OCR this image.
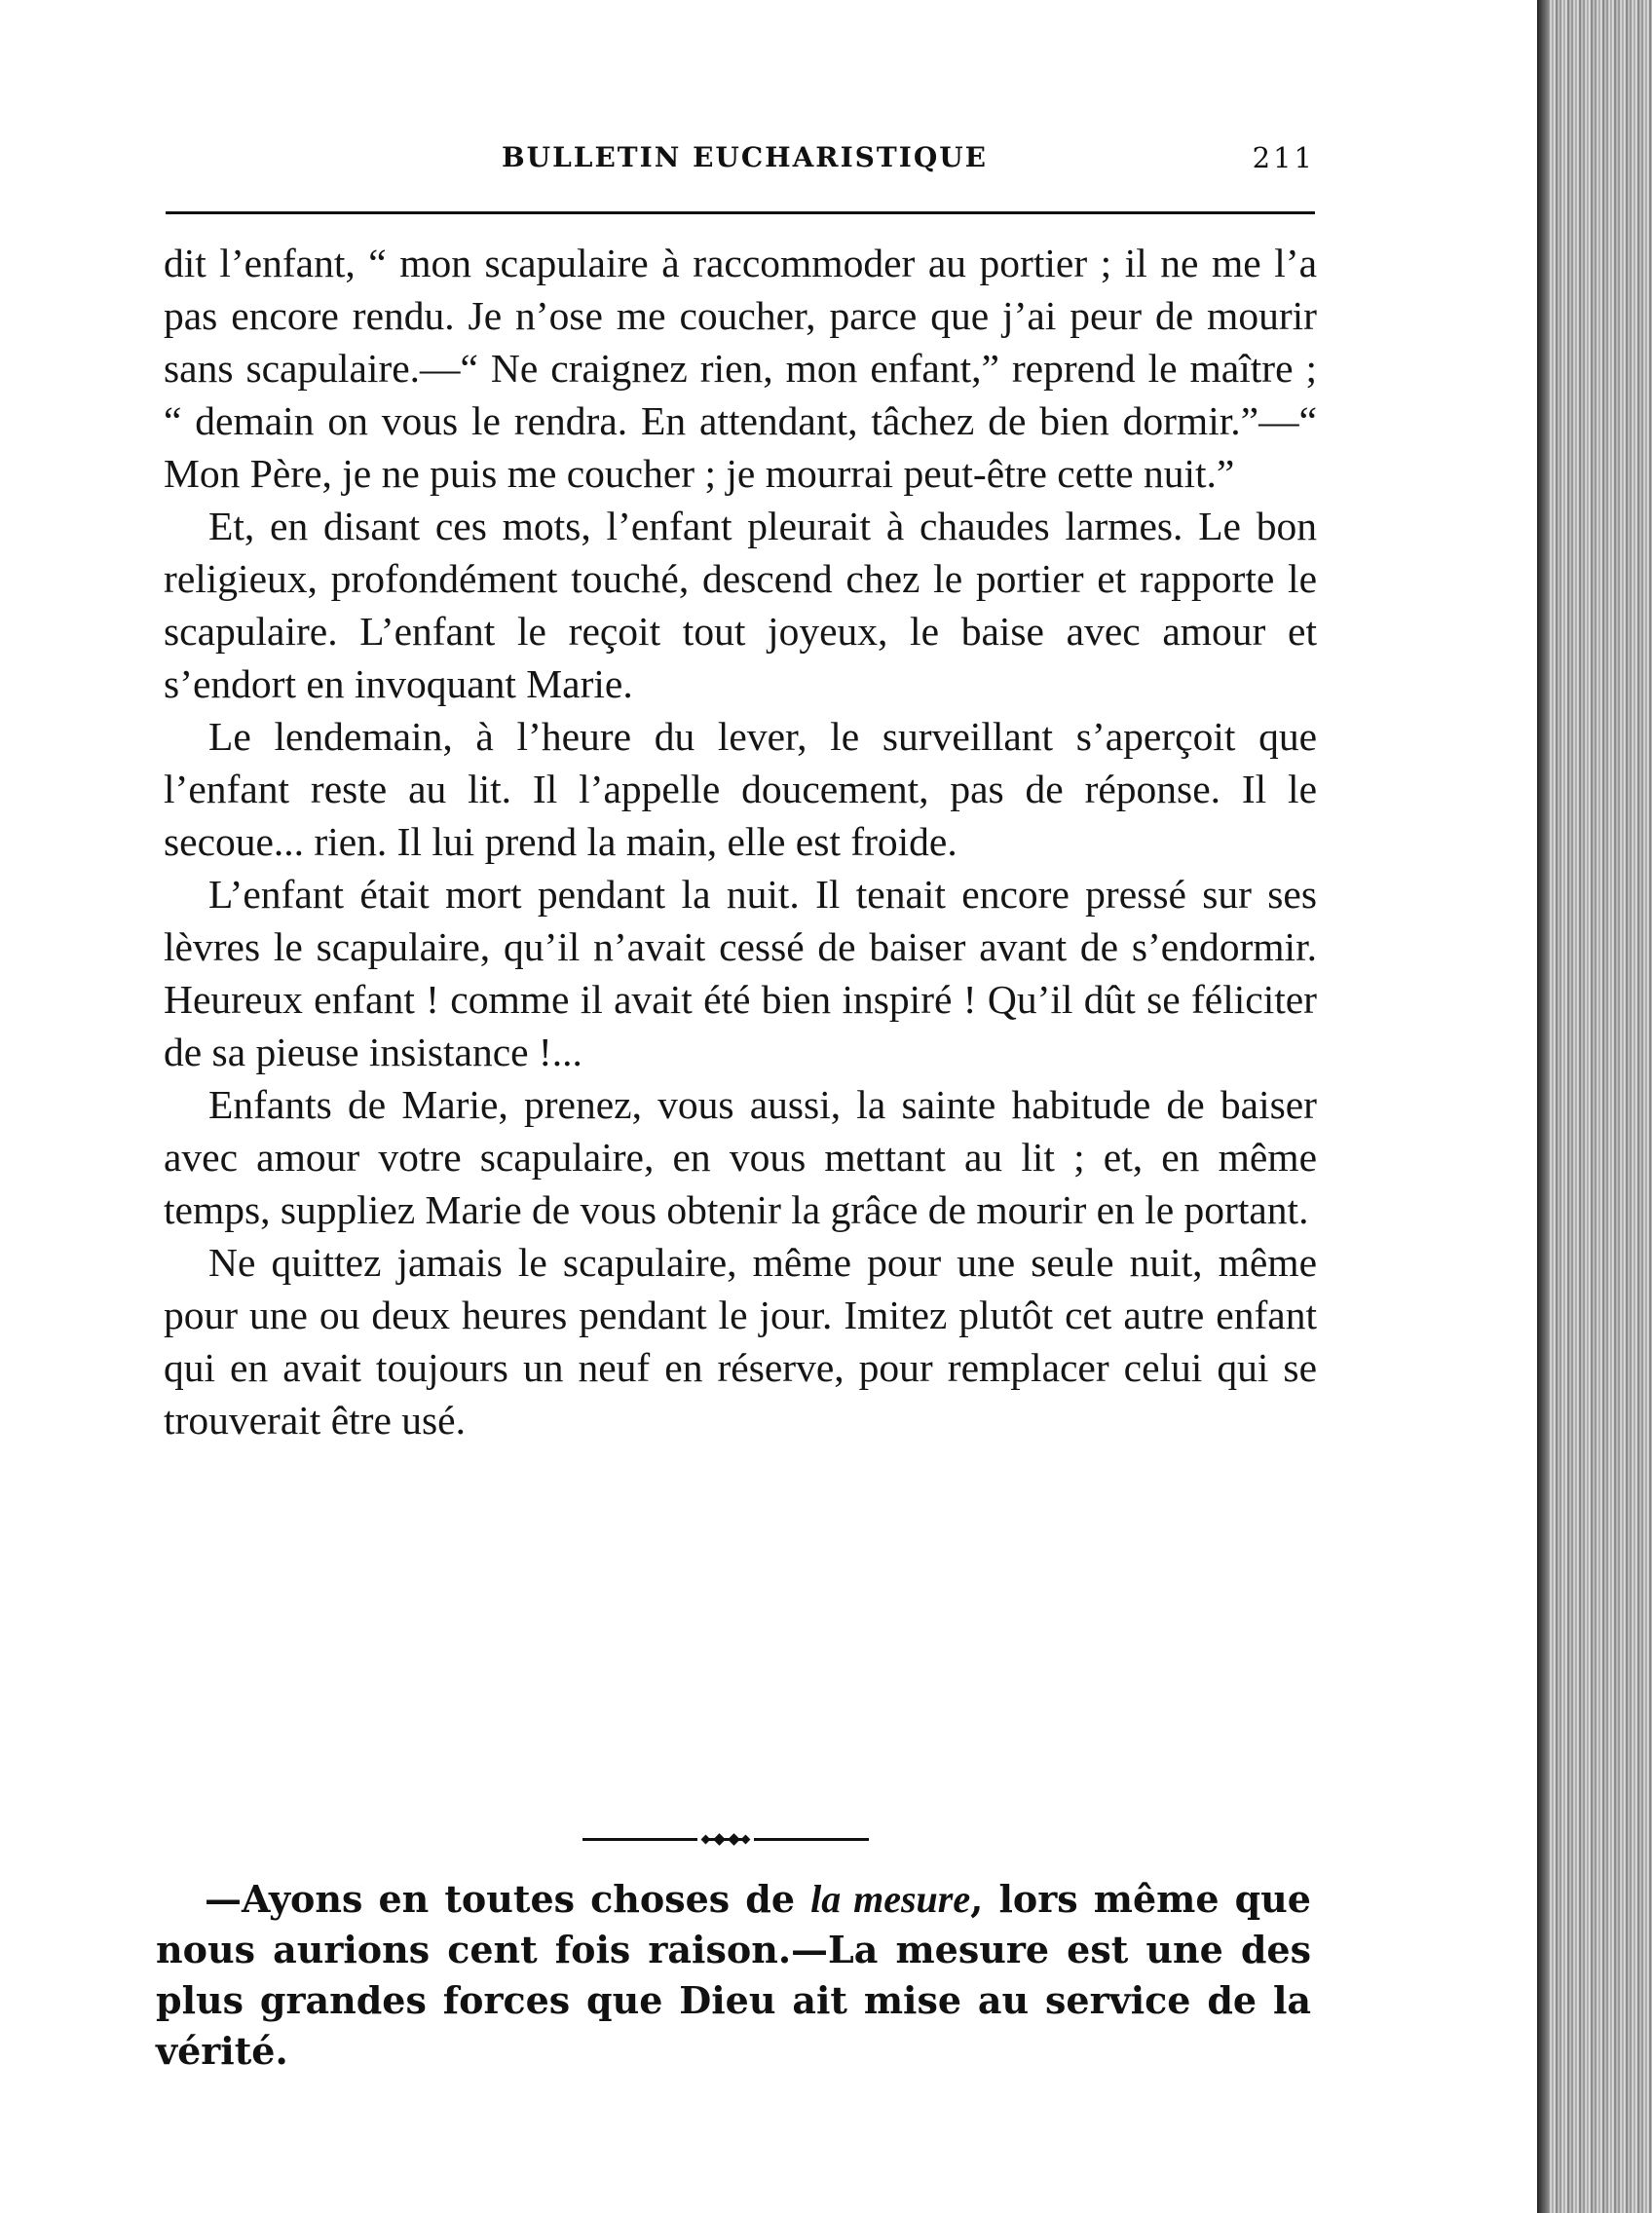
BULLETIN EUCHARISTIQUE	211

dit l’enfant, “ mon scapulaire à raccommoder au portier ; il ne me l’a pas encore rendu. Je n’ose me coucher, parce que j’ai peur de mourir sans scapulaire.—“ Ne craignez rien, mon enfant,” reprend le maître ; “ demain on vous le rendra. En attendant, tâchez de bien dormir.”—“ Mon Père, je ne puis me coucher ; je mourrai peut-être cette nuit.”

Et, en disant ces mots, l’enfant pleurait à chaudes larmes. Le bon religieux, profondément touché, descend chez le portier et rapporte le scapulaire. L’enfant le reçoit tout joyeux, le baise avec amour et s’endort en invoquant Marie.

Le lendemain, à l’heure du lever, le surveillant s’aperçoit que l’enfant reste au lit. Il l’appelle doucement, pas de réponse. Il le secoue... rien. Il lui prend la main, elle est froide.

L’enfant était mort pendant la nuit. Il tenait encore pressé sur ses lèvres le scapulaire, qu’il n’avait cessé de baiser avant de s’endormir. Heureux enfant ! comme il avait été bien inspiré ! Qu’il dût se féliciter de sa pieuse insistance !...

Enfants de Marie, prenez, vous aussi, la sainte habitude de baiser avec amour votre scapulaire, en vous mettant au lit ; et, en même temps, suppliez Marie de vous obtenir la grâce de mourir en le portant.

Ne quittez jamais le scapulaire, même pour une seule nuit, même pour une ou deux heures pendant le jour. Imitez plutôt cet autre enfant qui en avait toujours un neuf en réserve, pour remplacer celui qui se trouverait être usé.

—Ayons en toutes choses de la mesure, lors même que nous aurions cent fois raison.—La mesure est une des plus grandes forces que Dieu ait mise au service de la vérité.
